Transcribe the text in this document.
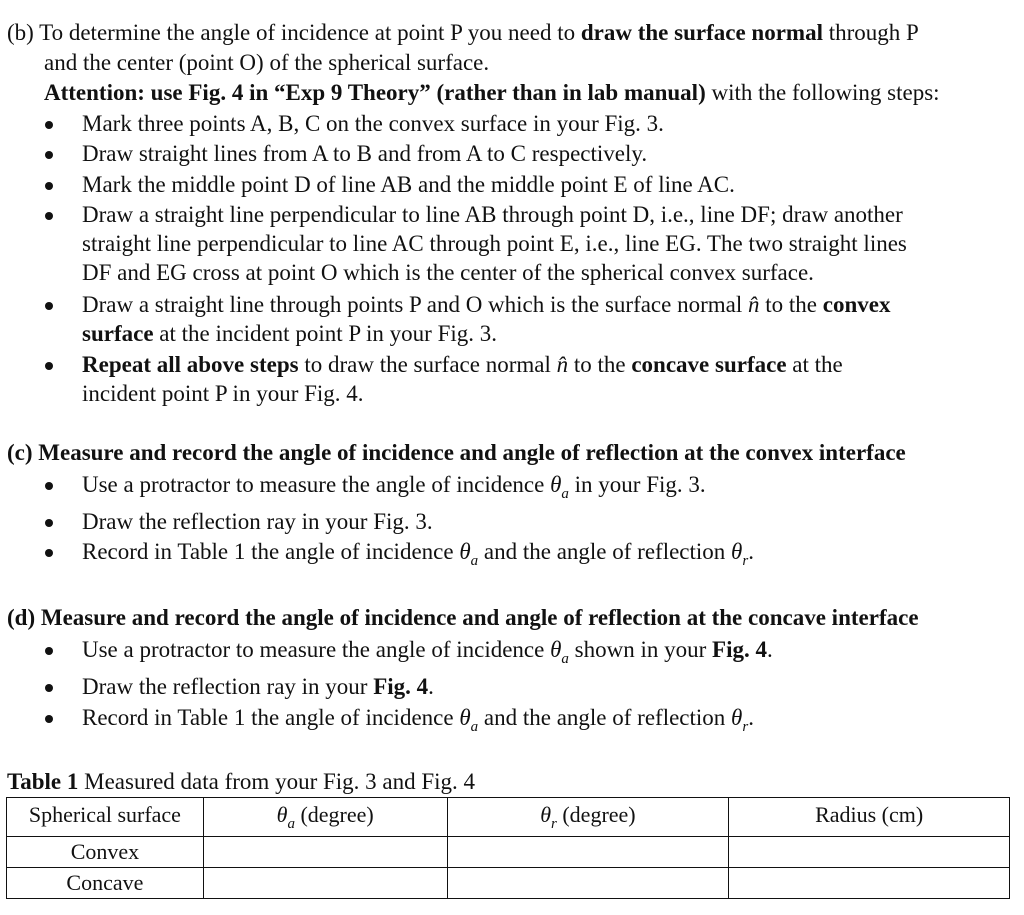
(b) To determine the angle of incidence at point P you need to draw the surface normal through P
and the center (point O) of the spherical surface.
Attention: use Fig. 4 in “Exp 9 Theory” (rather than in lab manual) with the following steps:
Mark three points A, B, C on the convex surface in your Fig. 3.
Draw straight lines from A to B and from A to C respectively.
Mark the middle point D of line AB and the middle point E of line AC.
Draw a straight line perpendicular to line AB through point D, i.e., line DF; draw another
straight line perpendicular to line AC through point E, i.e., line EG. The two straight lines
DF and EG cross at point O which is the center of the spherical convex surface.
Draw a straight line through points P and O which is the surface normal n̂ to the convex
surface at the incident point P in your Fig. 3.
Repeat all above steps to draw the surface normal n̂ to the concave surface at the
incident point P in your Fig. 4.
(c) Measure and record the angle of incidence and angle of reflection at the convex interface
Use a protractor to measure the angle of incidence $\theta_a$ in your Fig. 3.
Draw the reflection ray in your Fig. 3.
Record in Table 1 the angle of incidence $\theta_a$ and the angle of reflection $\theta_r$.
(d) Measure and record the angle of incidence and angle of reflection at the concave interface
Use a protractor to measure the angle of incidence $\theta_a$ shown in your Fig. 4.
Draw the reflection ray in your Fig. 4.
Record in Table 1 the angle of incidence $\theta_a$ and the angle of reflection $\theta_r$.
Table 1 Measured data from your Fig. 3 and Fig. 4
Spherical surface	$\theta_a$ (degree)	$\theta_r$ (degree)	Radius (cm)
Convex			
Concave			
